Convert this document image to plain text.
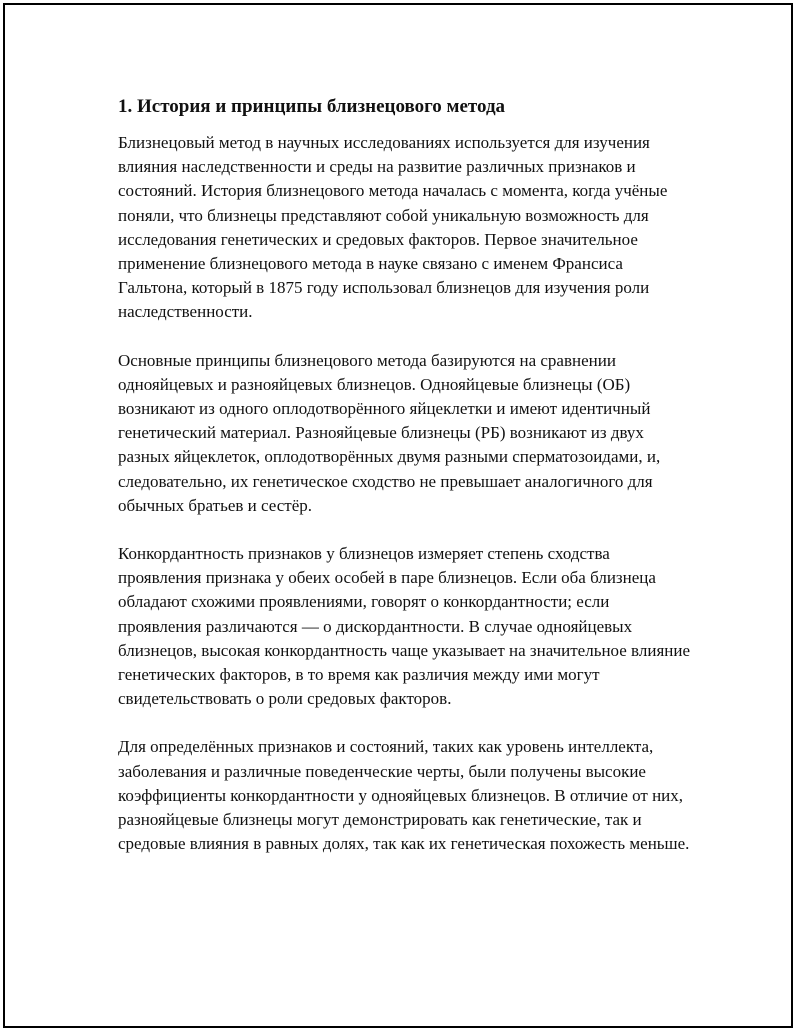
1. История и принципы близнецового метода

Близнецовый метод в научных исследованиях используется для изучения влияния наследственности и среды на развитие различных признаков и состояний. История близнецового метода началась с момента, когда учёные поняли, что близнецы представляют собой уникальную возможность для исследования генетических и средовых факторов. Первое значительное применение близнецового метода в науке связано с именем Франсиса Гальтона, который в 1875 году использовал близнецов для изучения роли наследственности.

Основные принципы близнецового метода базируются на сравнении однояйцевых и разнояйцевых близнецов. Однояйцевые близнецы (ОБ) возникают из одного оплодотворённого яйцеклетки и имеют идентичный генетический материал. Разнояйцевые близнецы (РБ) возникают из двух разных яйцеклеток, оплодотворённых двумя разными сперматозоидами, и, следовательно, их генетическое сходство не превышает аналогичного для обычных братьев и сестёр.

Конкордантность признаков у близнецов измеряет степень сходства проявления признака у обеих особей в паре близнецов. Если оба близнеца обладают схожими проявлениями, говорят о конкордантности; если проявления различаются — о дискордантности. В случае однояйцевых близнецов, высокая конкордантность чаще указывает на значительное влияние генетических факторов, в то время как различия между ими могут свидетельствовать о роли средовых факторов.

Для определённых признаков и состояний, таких как уровень интеллекта, заболевания и различные поведенческие черты, были получены высокие коэффициенты конкордантности у однояйцевых близнецов. В отличие от них, разнояйцевые близнецы могут демонстрировать как генетические, так и средовые влияния в равных долях, так как их генетическая похожесть меньше.
